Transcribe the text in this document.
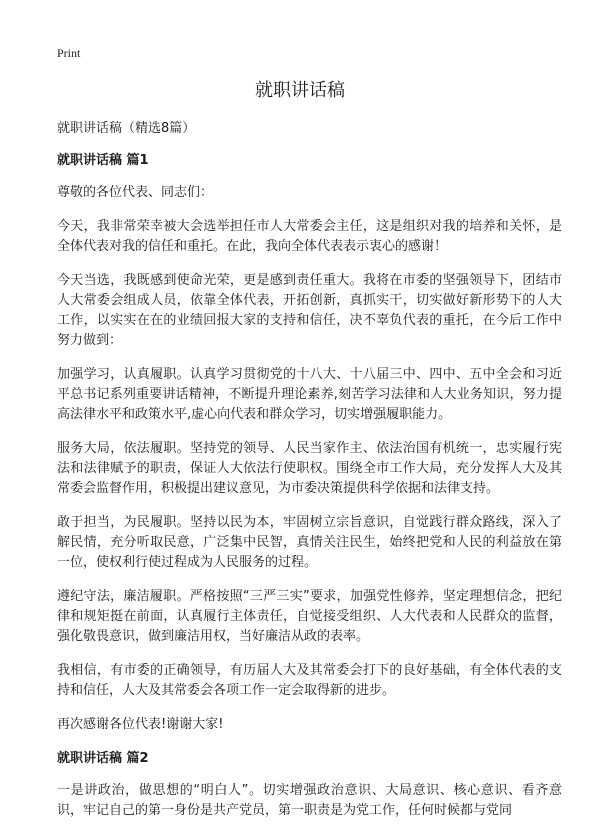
Print
就职讲话稿
就职讲话稿（精选8篇）
就职讲话稿 篇1

尊敬的各位代表、同志们：

今天，我非常荣幸被大会选举担任市人大常委会主任，这是组织对我的培养和关怀，是全体代表对我的信任和重托。在此，我向全体代表表示衷心的感谢！

今天当选，我既感到使命光荣，更是感到责任重大。我将在市委的坚强领导下，团结市人大常委会组成人员，依靠全体代表，开拓创新，真抓实干，切实做好新形势下的人大工作，以实实在在的业绩回报大家的支持和信任，决不辜负代表的重托，在今后工作中努力做到：

加强学习，认真履职。认真学习贯彻党的十八大、十八届三中、四中、五中全会和习近平总书记系列重要讲话精神，不断提升理论素养,刻苦学习法律和人大业务知识，努力提高法律水平和政策水平,虚心向代表和群众学习，切实增强履职能力。

服务大局，依法履职。坚持党的领导、人民当家作主、依法治国有机统一，忠实履行宪法和法律赋予的职责，保证人大依法行使职权。围绕全市工作大局，充分发挥人大及其常委会监督作用，积极提出建议意见，为市委决策提供科学依据和法律支持。

敢于担当，为民履职。坚持以民为本，牢固树立宗旨意识，自觉践行群众路线，深入了解民情，充分听取民意，广泛集中民智，真情关注民生，始终把党和人民的利益放在第一位，使权利行使过程成为人民服务的过程。

遵纪守法，廉洁履职。严格按照“三严三实”要求，加强党性修养，坚定理想信念，把纪律和规矩挺在前面，认真履行主体责任，自觉接受组织、人大代表和人民群众的监督，强化敬畏意识，做到廉洁用权，当好廉洁从政的表率。

我相信，有市委的正确领导，有历届人大及其常委会打下的良好基础，有全体代表的支持和信任，人大及其常委会各项工作一定会取得新的进步。

再次感谢各位代表!谢谢大家!

就职讲话稿 篇2

一是讲政治，做思想的“明白人”。切实增强政治意识、大局意识、核心意识、看齐意识，牢记自己的第一身份是共产党员，第一职责是为党工作，任何时候都与党同
